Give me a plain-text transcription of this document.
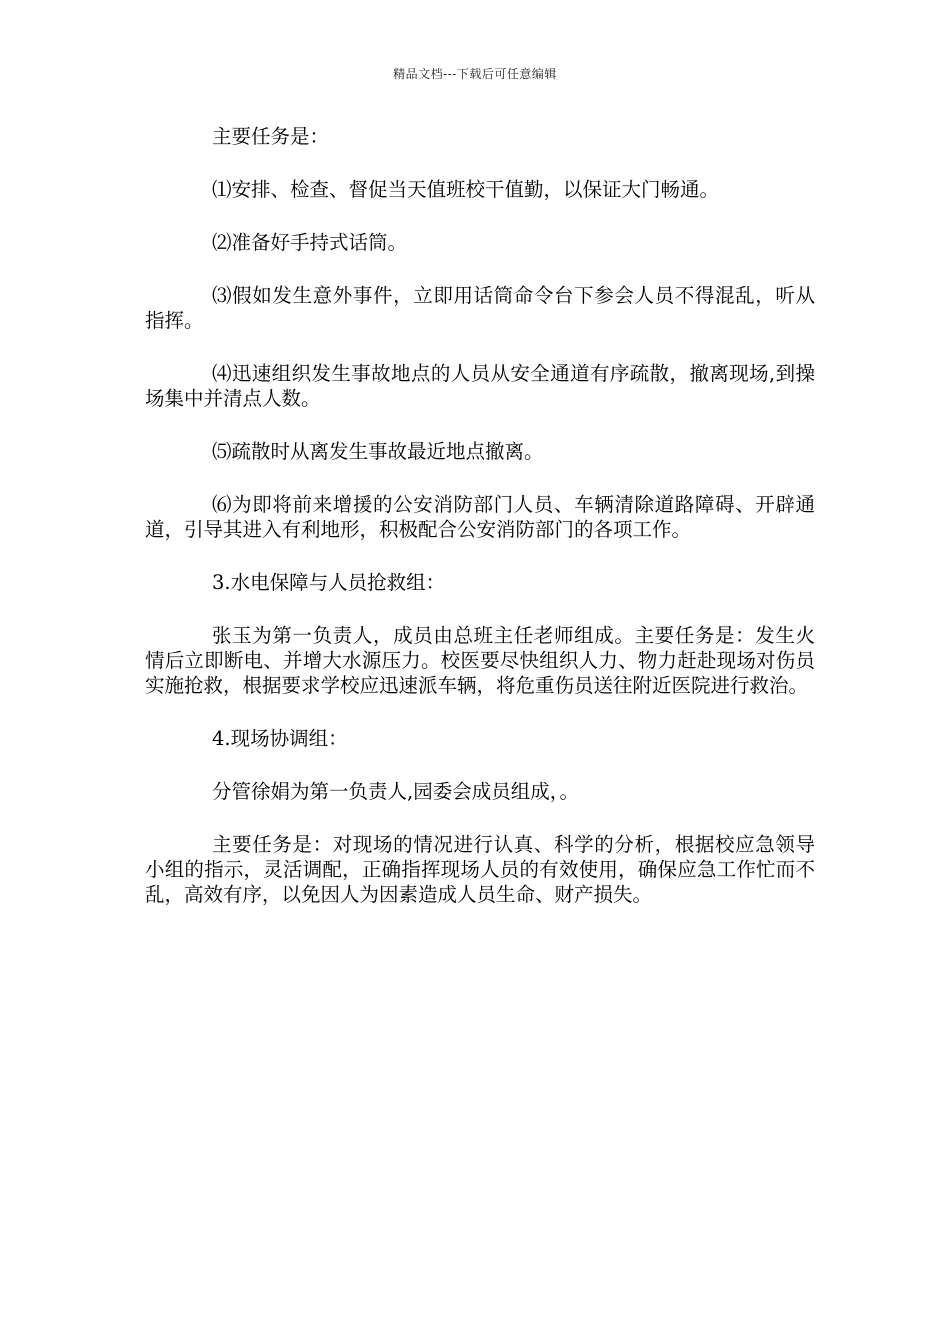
精品文档---下载后可任意编辑

主要任务是：

⑴安排、检查、督促当天值班校干值勤，以保证大门畅通。

⑵准备好手持式话筒。

⑶假如发生意外事件，立即用话筒命令台下参会人员不得混乱，听从指挥。

⑷迅速组织发生事故地点的人员从安全通道有序疏散，撤离现场,到操场集中并清点人数。

⑸疏散时从离发生事故最近地点撤离。

⑹为即将前来增援的公安消防部门人员、车辆清除道路障碍、开辟通道，引导其进入有利地形，积极配合公安消防部门的各项工作。

3.水电保障与人员抢救组：

张玉为第一负责人，成员由总班主任老师组成。主要任务是：发生火情后立即断电、并增大水源压力。校医要尽快组织人力、物力赶赴现场对伤员实施抢救，根据要求学校应迅速派车辆，将危重伤员送往附近医院进行救治。

4.现场协调组：

分管徐娟为第一负责人,园委会成员组成，。

主要任务是：对现场的情况进行认真、科学的分析，根据校应急领导小组的指示，灵活调配，正确指挥现场人员的有效使用，确保应急工作忙而不乱，高效有序，以免因人为因素造成人员生命、财产损失。
